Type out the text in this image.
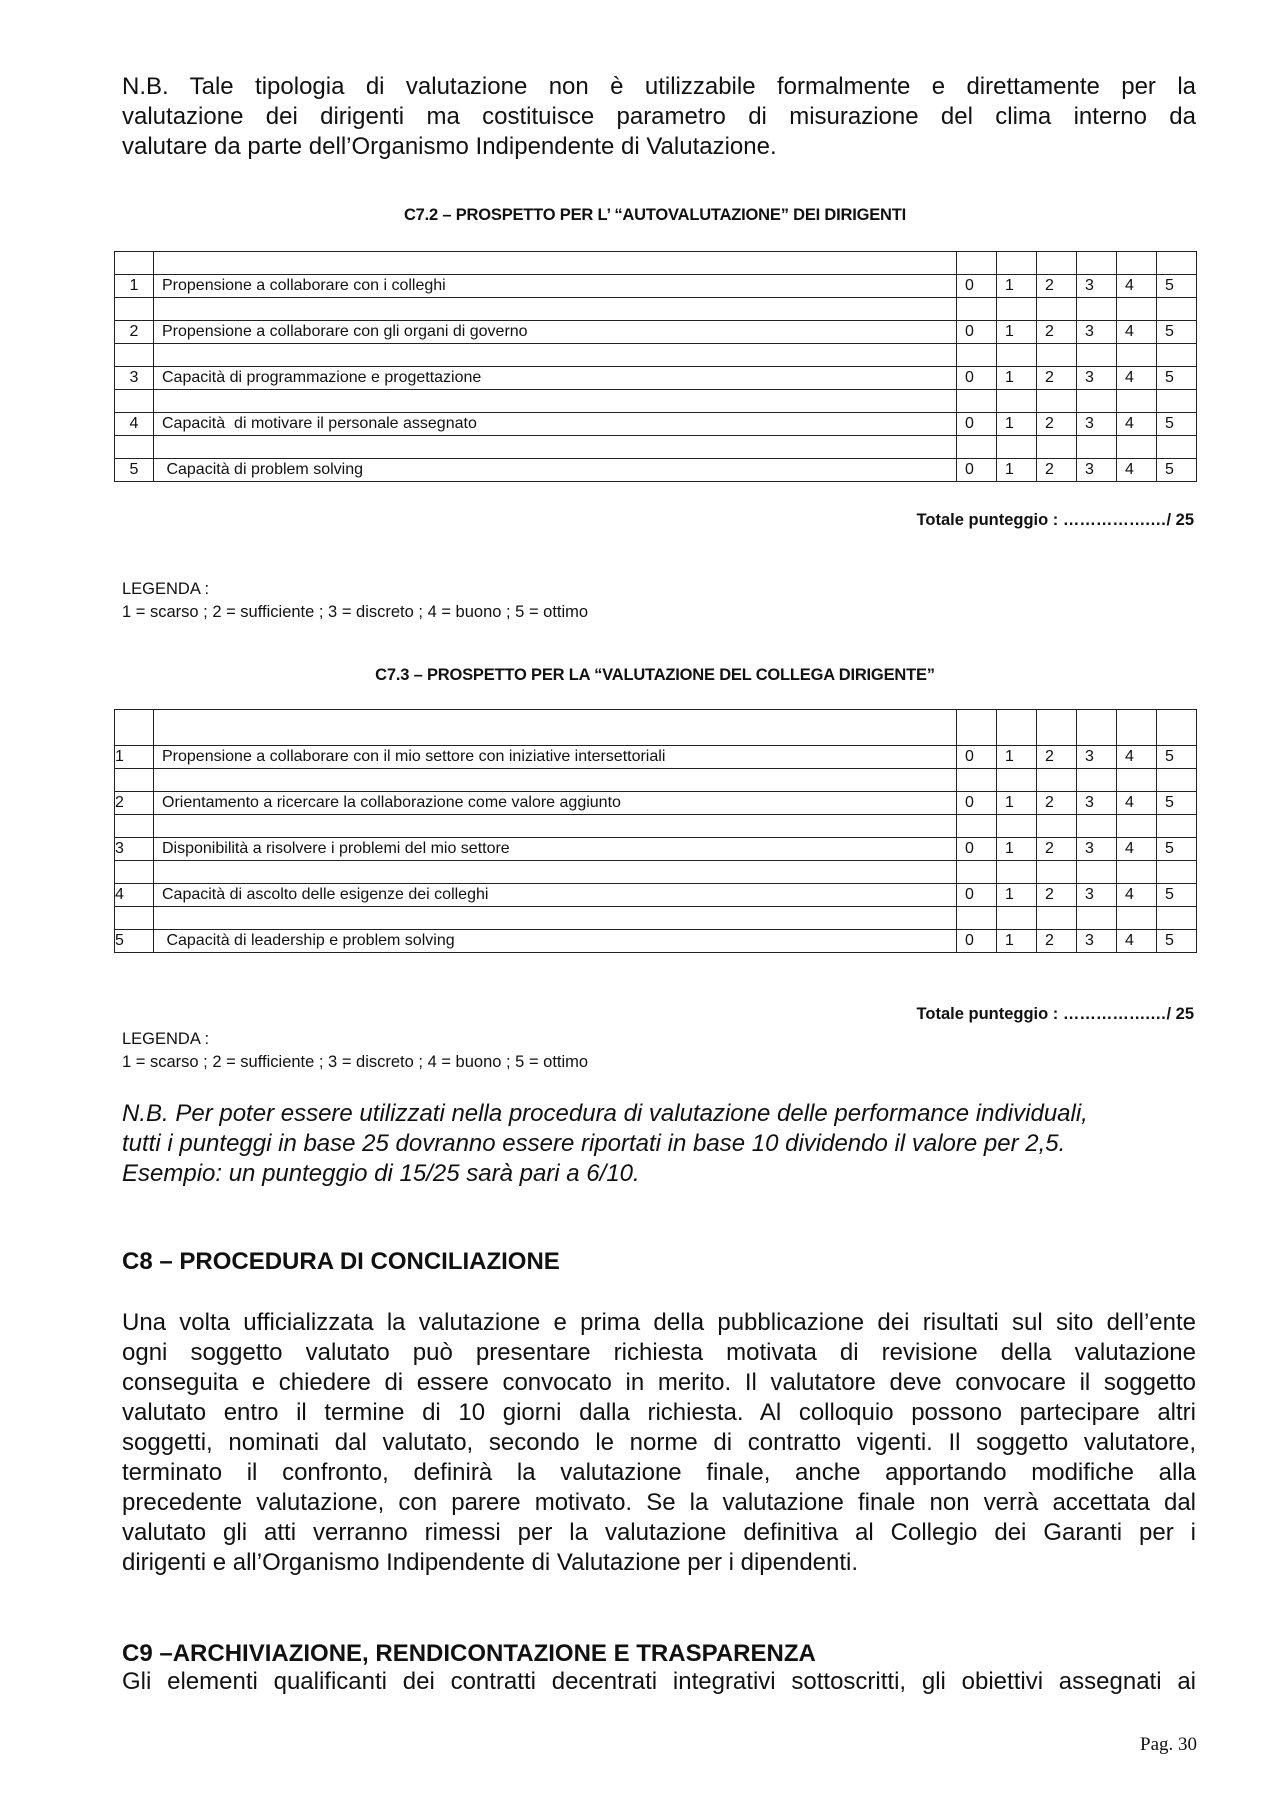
N.B. Tale tipologia di valutazione non è utilizzabile formalmente e direttamente per la
valutazione dei dirigenti ma costituisce parametro di misurazione del clima interno da
valutare da parte dell’Organismo Indipendente di Valutazione.
C7.2 – PROSPETTO PER L’ “AUTOVALUTAZIONE” DEI DIRIGENTI

1	Propensione a collaborare con i colleghi	0	1	2	3	4	5

2	Propensione a collaborare con gli organi di governo	0	1	2	3	4	5

3	Capacità di programmazione e progettazione	0	1	2	3	4	5

4	Capacità  di motivare il personale assegnato	0	1	2	3	4	5

5	Capacità di problem solving	0	1	2	3	4	5
Totale punteggio : …………….…/ 25
LEGENDA :
1 = scarso ; 2 = sufficiente ; 3 = discreto ; 4 = buono ; 5 = ottimo
C7.3 – PROSPETTO PER LA “VALUTAZIONE DEL COLLEGA DIRIGENTE”

1	Propensione a collaborare con il mio settore con iniziative intersettoriali	0	1	2	3	4	5

2	Orientamento a ricercare la collaborazione come valore aggiunto	0	1	2	3	4	5

3	Disponibilità a risolvere i problemi del mio settore	0	1	2	3	4	5

4	Capacità di ascolto delle esigenze dei colleghi	0	1	2	3	4	5

5	Capacità di leadership e problem solving	0	1	2	3	4	5
Totale punteggio : …………….…/ 25
LEGENDA :
1 = scarso ; 2 = sufficiente ; 3 = discreto ; 4 = buono ; 5 = ottimo
N.B. Per poter essere utilizzati nella procedura di valutazione delle performance individuali,
tutti i punteggi in base 25 dovranno essere riportati in base 10 dividendo il valore per 2,5.
Esempio: un punteggio di 15/25 sarà pari a 6/10.
C8 – PROCEDURA DI CONCILIAZIONE
Una volta ufficializzata la valutazione e prima della pubblicazione dei risultati sul sito dell’ente
ogni soggetto valutato può presentare richiesta motivata di revisione della valutazione
conseguita e chiedere di essere convocato in merito. Il valutatore deve convocare il soggetto
valutato entro il termine di 10 giorni dalla richiesta. Al colloquio possono partecipare altri
soggetti, nominati dal valutato, secondo le norme di contratto vigenti. Il soggetto valutatore,
terminato il confronto, definirà la valutazione finale, anche apportando modifiche alla
precedente valutazione, con parere motivato. Se la valutazione finale non verrà accettata dal
valutato gli atti verranno rimessi per la valutazione definitiva al Collegio dei Garanti per i
dirigenti e all’Organismo Indipendente di Valutazione per i dipendenti.
C9 –ARCHIVIAZIONE, RENDICONTAZIONE E TRASPARENZA
Gli elementi qualificanti dei contratti decentrati integrativi sottoscritti, gli obiettivi assegnati ai
Pag. 30
